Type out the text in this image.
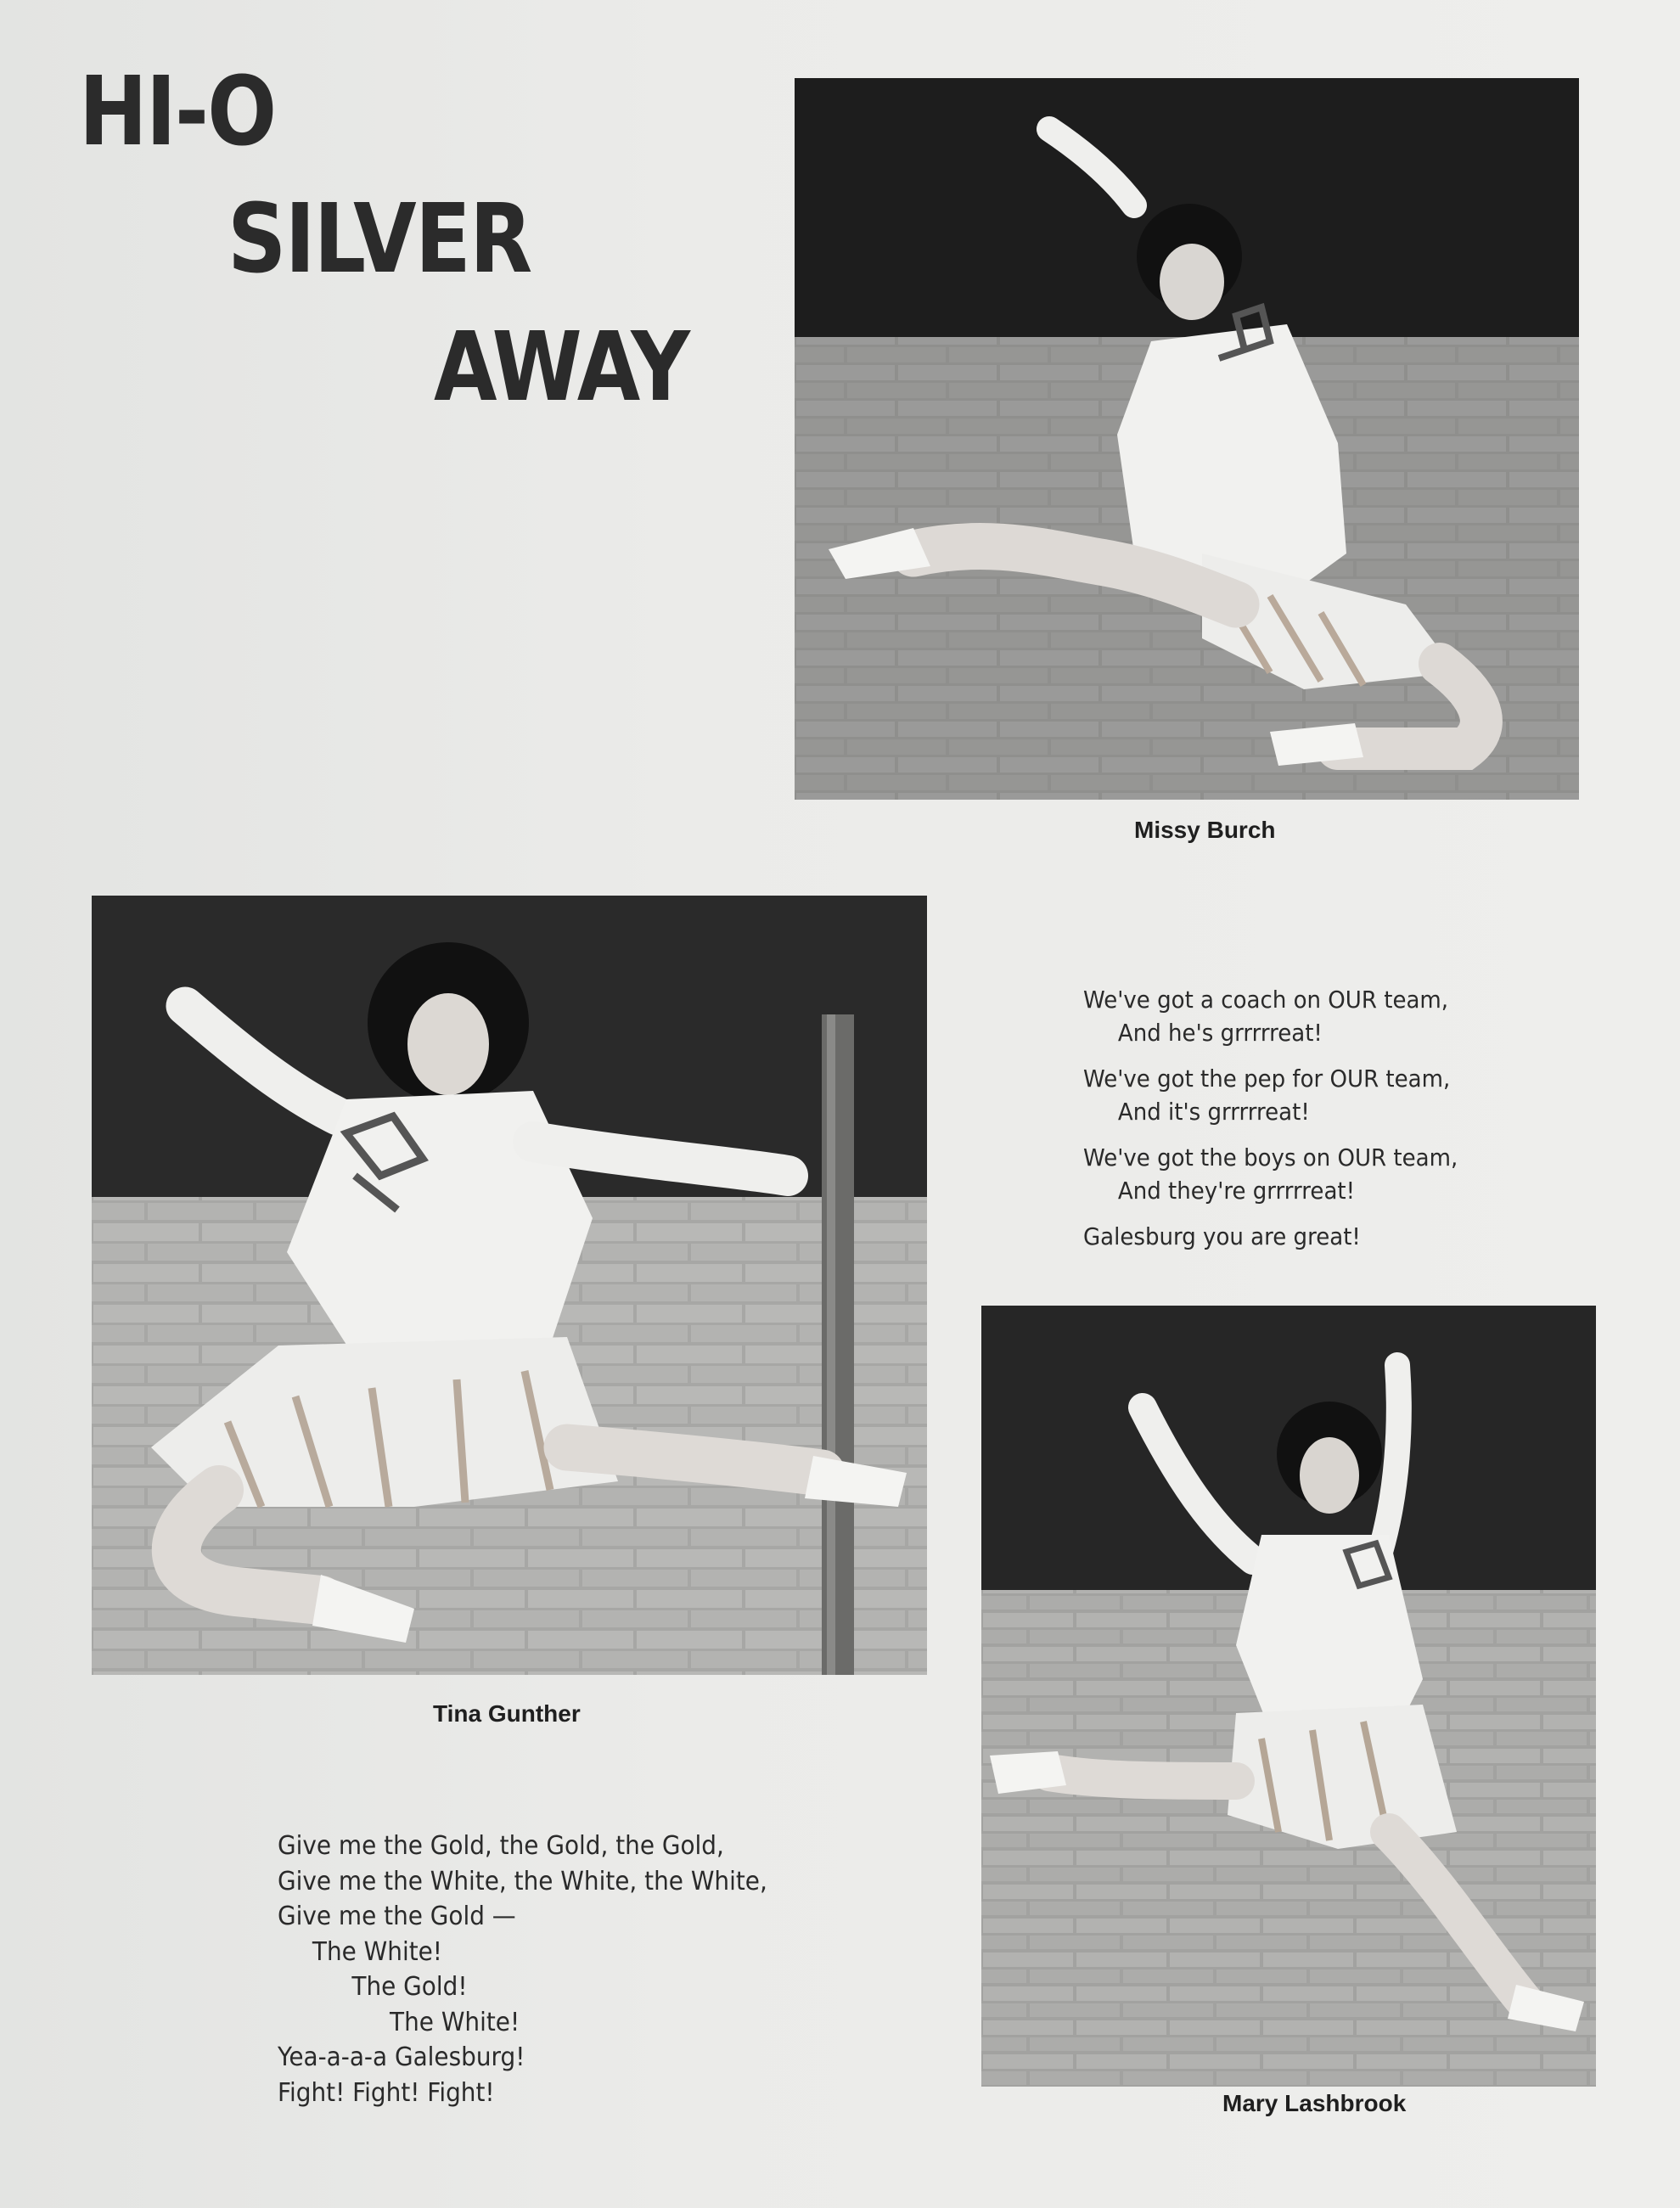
HI-O
SILVER
AWAY
Missy Burch
Tina Gunther
We've got a coach on OUR team,
And he's grrrrreat!
We've got the pep for OUR team,
And it's grrrrreat!
We've got the boys on OUR team,
And they're grrrrreat!
Galesburg you are great!
Mary Lashbrook
Give me the Gold, the Gold, the Gold,
Give me the White, the White, the White,
Give me the Gold —
The White!
The Gold!
The White!
Yea-a-a-a Galesburg!
Fight! Fight! Fight!
